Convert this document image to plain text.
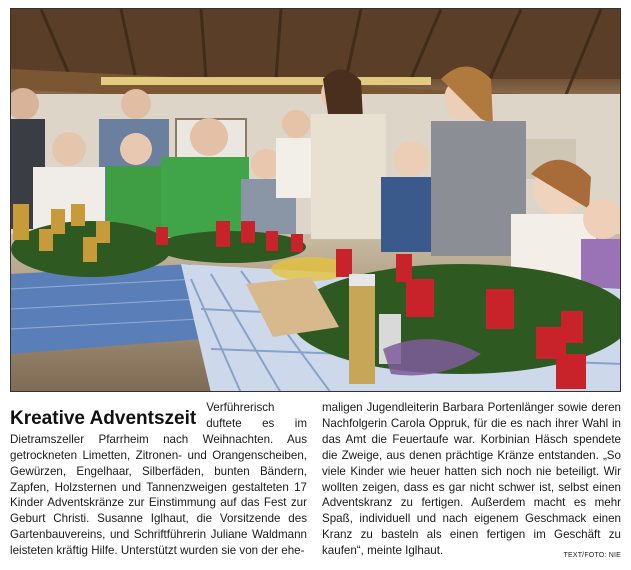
Kreative Adventszeit
Verführerisch duftete es im Dietramszeller Pfarrheim nach Weihnachten. Aus getrockneten Limetten, Zitronen- und Orangenscheiben, Gewürzen, Engelhaar, Silberfäden, bunten Bändern, Zapfen, Holzsternen und Tannenzweigen gestalteten 17 Kinder Adventskränze zur Einstimmung auf das Fest zur Geburt Christi. Susanne Iglhaut, die Vorsitzende des Gartenbauvereins, und Schriftführerin Juliane Waldmann leisteten kräftig Hilfe. Unterstützt wurden sie von der ehe-
maligen Jugendleiterin Barbara Portenlänger sowie deren Nachfolgerin Carola Oppruk, für die es nach ihrer Wahl in das Amt die Feuertaufe war. Korbinian Häsch spendete die Zweige, aus denen prächtige Kränze entstanden. „So viele Kinder wie heuer hatten sich noch nie beteiligt. Wir wollten zeigen, dass es gar nicht schwer ist, selbst einen Adventskranz zu fertigen. Außerdem macht es mehr Spaß, individuell und nach eigenem Geschmack einen Kranz zu basteln als einen fertigen im Geschäft zu kaufen“, meinte Iglhaut.	TEXT/FOTO: NIE
